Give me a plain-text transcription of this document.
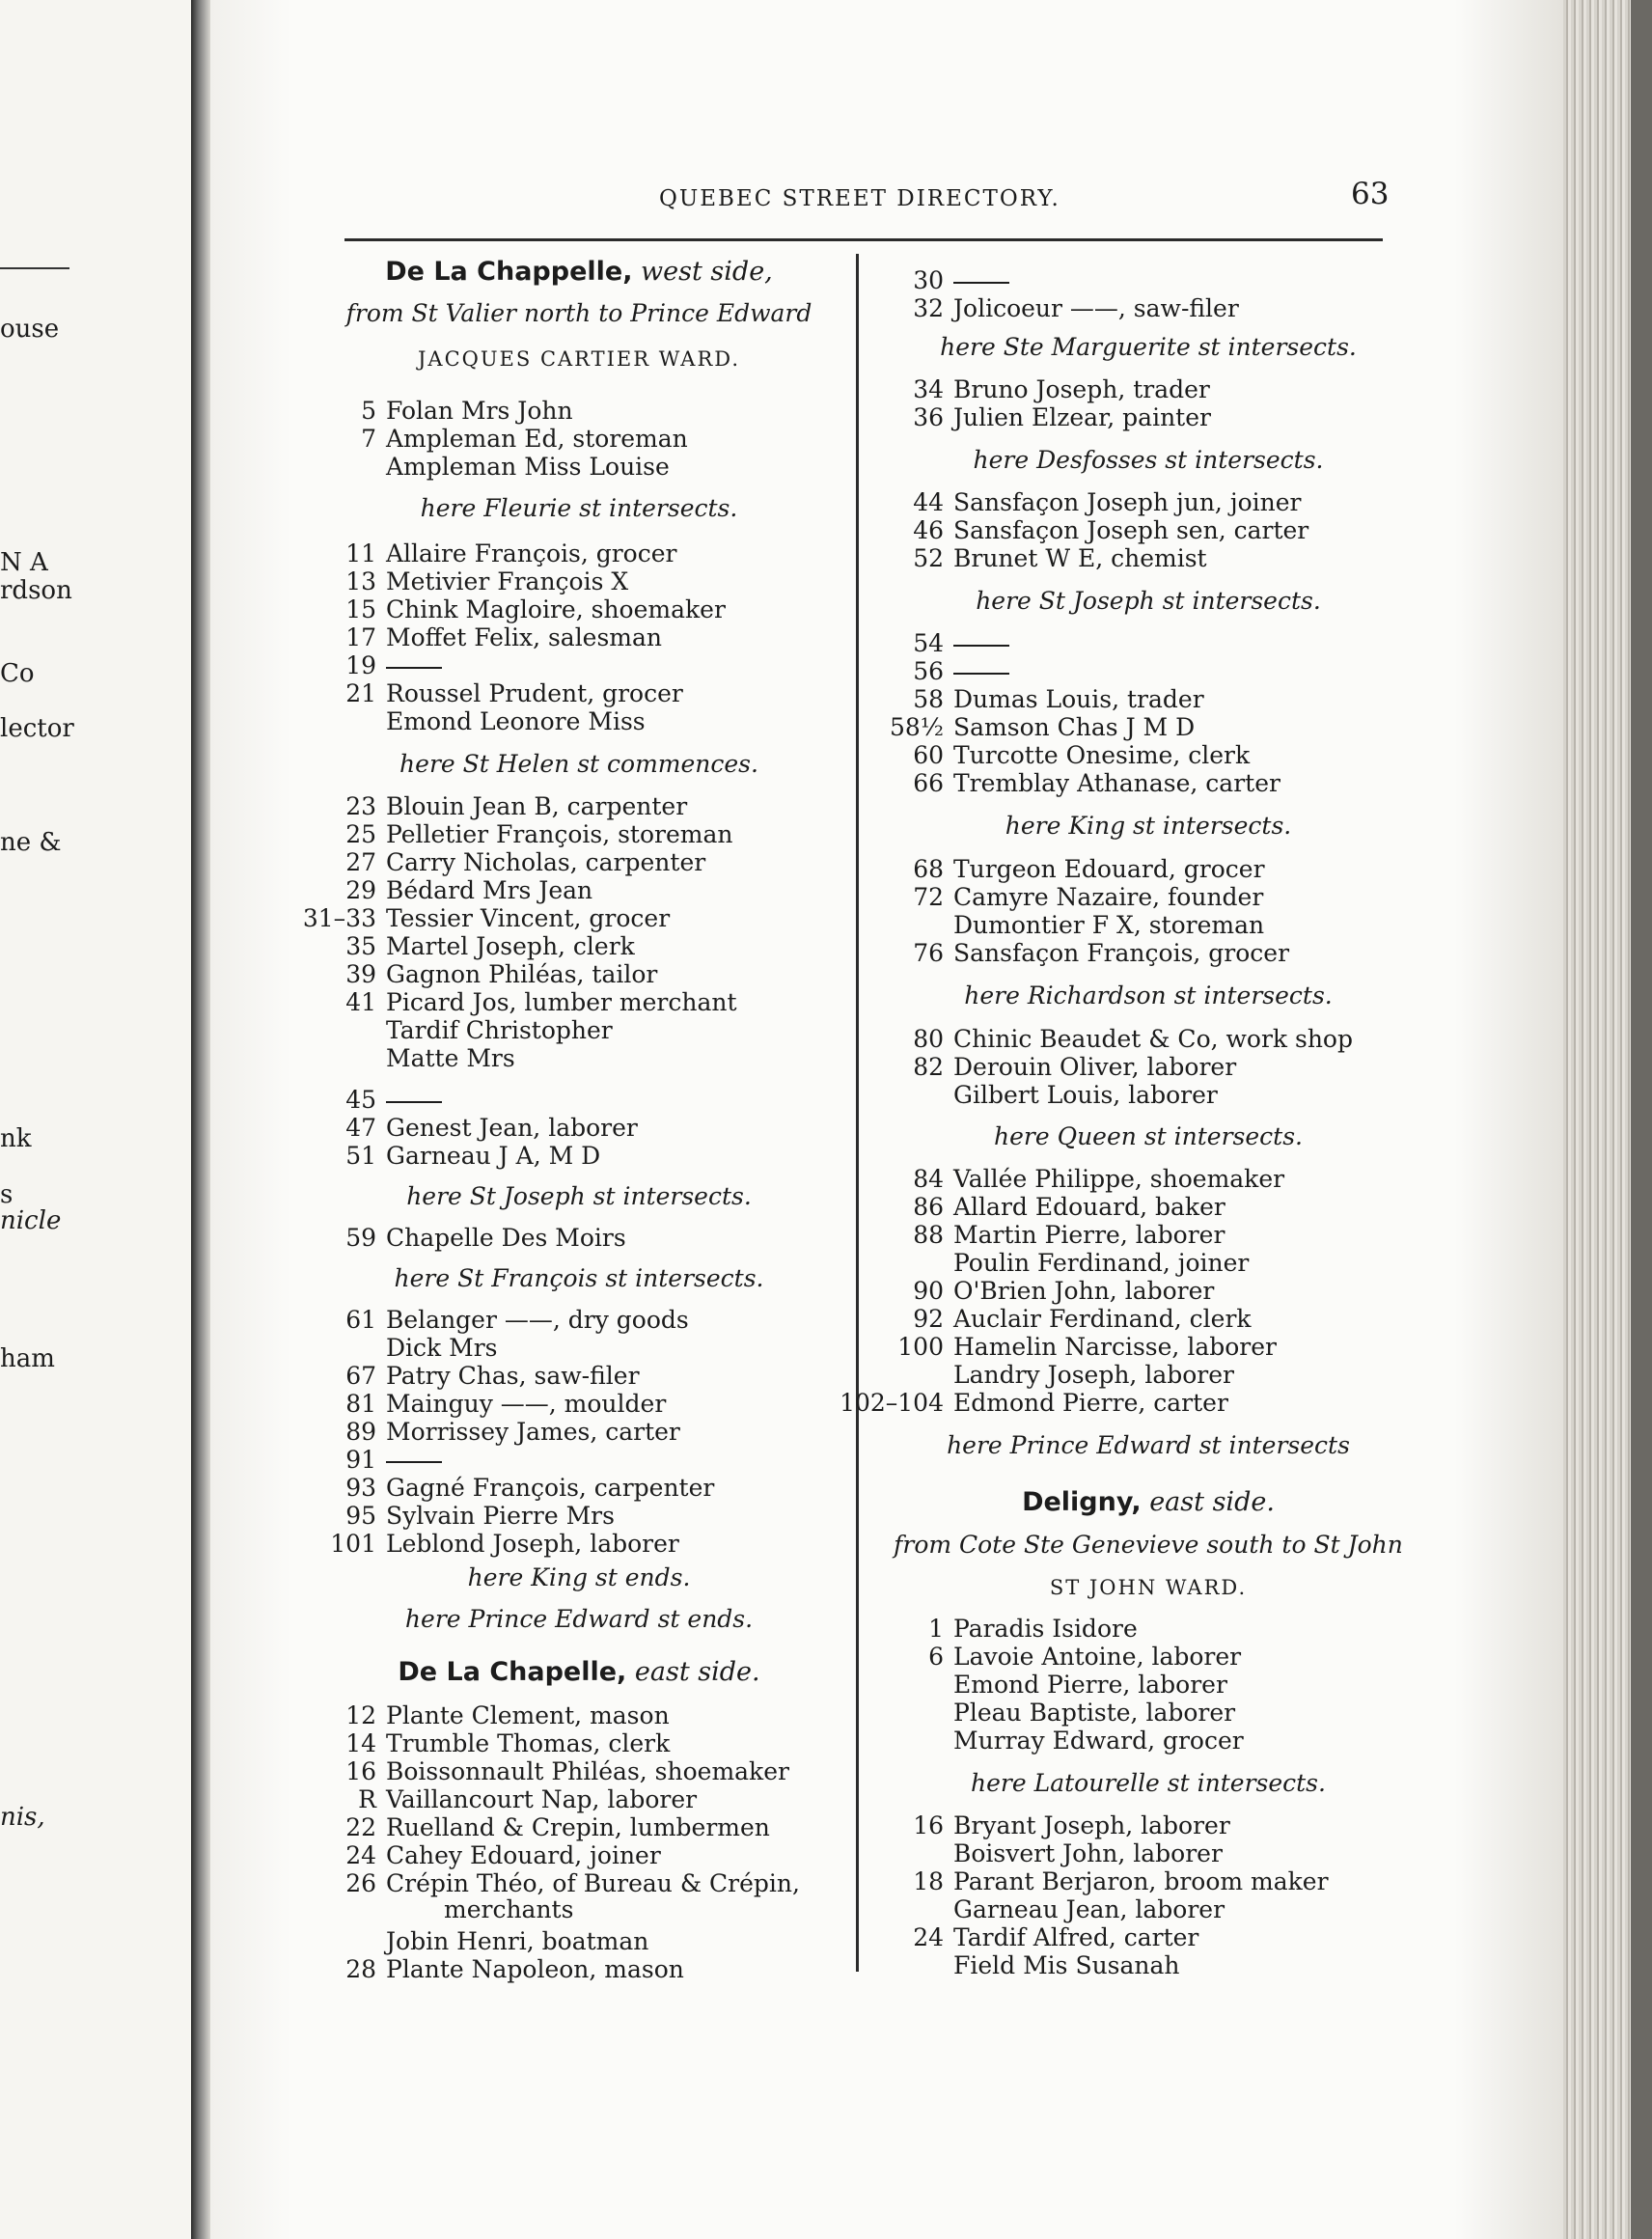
ouse
N A
rdson
Co
lector
ne &
nk
s
nicle
ham
nis,
QUEBEC STREET DIRECTORY.	63
De La Chappelle, west side,
from St Valier north to Prince Edward
JACQUES CARTIER WARD.
5 Folan Mrs John
7 Ampleman Ed, storeman
Ampleman Miss Louise
here Fleurie st intersects.
11 Allaire François, grocer
13 Metivier François X
15 Chink Magloire, shoemaker
17 Moffet Felix, salesman
19
21 Roussel Prudent, grocer
Emond Leonore Miss
here St Helen st commences.
23 Blouin Jean B, carpenter
25 Pelletier François, storeman
27 Carry Nicholas, carpenter
29 Bédard Mrs Jean
31–33 Tessier Vincent, grocer
35 Martel Joseph, clerk
39 Gagnon Philéas, tailor
41 Picard Jos, lumber merchant
Tardif Christopher
Matte Mrs
45
47 Genest Jean, laborer
51 Garneau J A, M D
here St Joseph st intersects.
59 Chapelle Des Moirs
here St François st intersects.
61 Belanger ——, dry goods
Dick Mrs
67 Patry Chas, saw-filer
81 Mainguy ——, moulder
89 Morrissey James, carter
91
93 Gagné François, carpenter
95 Sylvain Pierre Mrs
101 Leblond Joseph, laborer
here King st ends.
here Prince Edward st ends.
De La Chapelle, east side.
12 Plante Clement, mason
14 Trumble Thomas, clerk
16 Boissonnault Philéas, shoemaker
R Vaillancourt Nap, laborer
22 Ruelland & Crepin, lumbermen
24 Cahey Edouard, joiner
26 Crépin Théo, of Bureau & Crépin,
merchants
Jobin Henri, boatman
28 Plante Napoleon, mason
30
32 Jolicoeur ——, saw-filer
here Ste Marguerite st intersects.
34 Bruno Joseph, trader
36 Julien Elzear, painter
here Desfosses st intersects.
44 Sansfaçon Joseph jun, joiner
46 Sansfaçon Joseph sen, carter
52 Brunet W E, chemist
here St Joseph st intersects.
54
56
58 Dumas Louis, trader
58½ Samson Chas J M D
60 Turcotte Onesime, clerk
66 Tremblay Athanase, carter
here King st intersects.
68 Turgeon Edouard, grocer
72 Camyre Nazaire, founder
Dumontier F X, storeman
76 Sansfaçon François, grocer
here Richardson st intersects.
80 Chinic Beaudet & Co, work shop
82 Derouin Oliver, laborer
Gilbert Louis, laborer
here Queen st intersects.
84 Vallée Philippe, shoemaker
86 Allard Edouard, baker
88 Martin Pierre, laborer
Poulin Ferdinand, joiner
90 O'Brien John, laborer
92 Auclair Ferdinand, clerk
100 Hamelin Narcisse, laborer
Landry Joseph, laborer
102–104 Edmond Pierre, carter
here Prince Edward st intersects
Deligny, east side.
from Cote Ste Genevieve south to St John
ST JOHN WARD.
1 Paradis Isidore
6 Lavoie Antoine, laborer
Emond Pierre, laborer
Pleau Baptiste, laborer
Murray Edward, grocer
here Latourelle st intersects.
16 Bryant Joseph, laborer
Boisvert John, laborer
18 Parant Berjaron, broom maker
Garneau Jean, laborer
24 Tardif Alfred, carter
Field Mis Susanah
